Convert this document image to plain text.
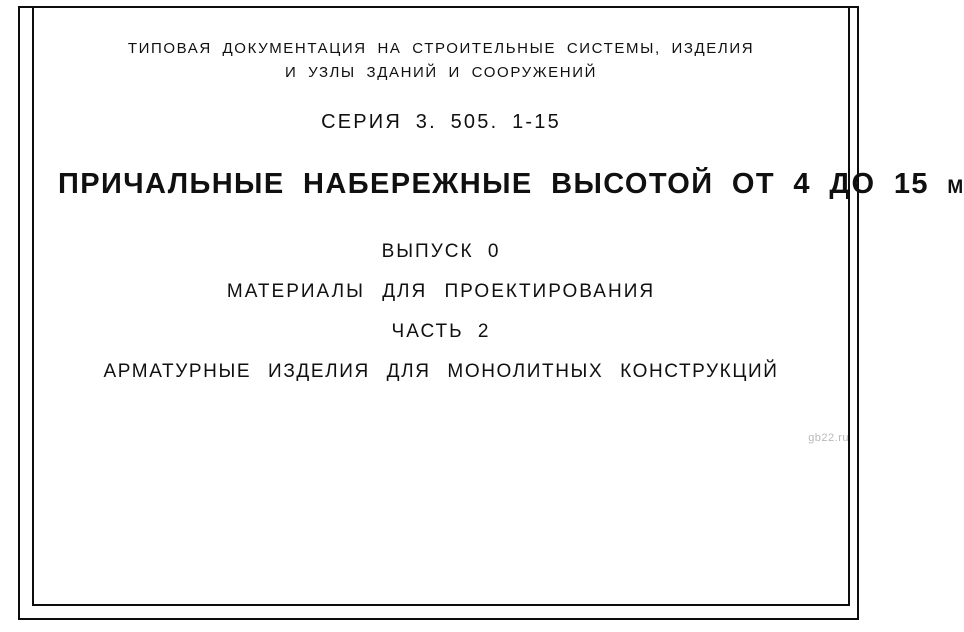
ТИПОВАЯ ДОКУМЕНТАЦИЯ НА СТРОИТЕЛЬНЫЕ СИСТЕМЫ, ИЗДЕЛИЯ
И УЗЛЫ ЗДАНИЙ И СООРУЖЕНИЙ
СЕРИЯ 3. 505. 1-15
ПРИЧАЛЬНЫЕ НАБЕРЕЖНЫЕ ВЫСОТОЙ ОТ 4 ДО 15 М
ВЫПУСК 0
МАТЕРИАЛЫ ДЛЯ ПРОЕКТИРОВАНИЯ
ЧАСТЬ 2
АРМАТУРНЫЕ ИЗДЕЛИЯ ДЛЯ МОНОЛИТНЫХ КОНСТРУКЦИЙ
gb22.ru
